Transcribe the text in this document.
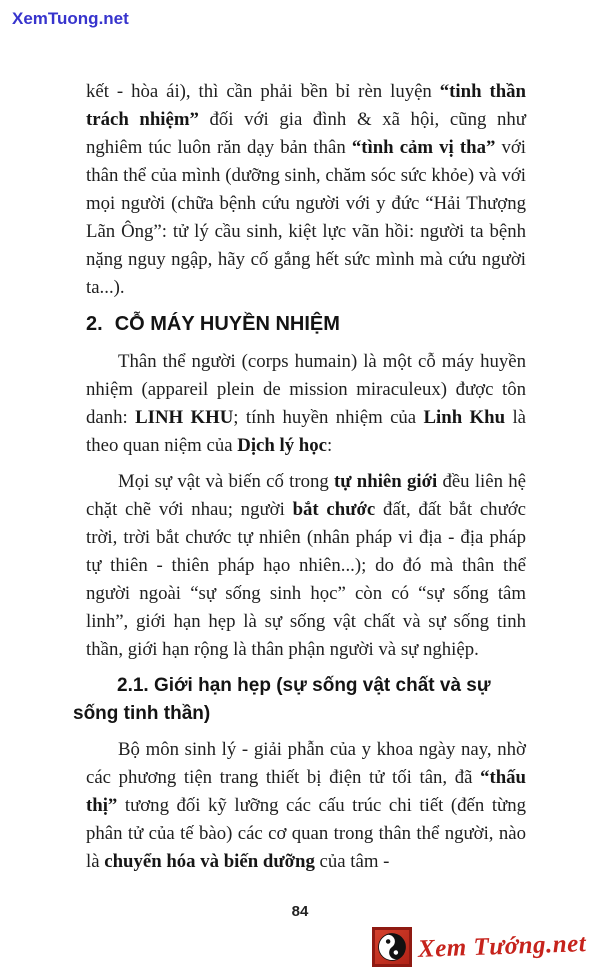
XemTuong.net

kết - hòa ái), thì cần phải bền bỉ rèn luyện “tinh thần trách nhiệm” đối với gia đình & xã hội, cũng như nghiêm túc luôn răn dạy bản thân “tình cảm vị tha” với thân thể của mình (dưỡng sinh, chăm sóc sức khỏe) và với mọi người (chữa bệnh cứu người với y đức “Hải Thượng Lãn Ông”: tử lý cầu sinh, kiệt lực vãn hồi: người ta bệnh nặng nguy ngập, hãy cố gắng hết sức mình mà cứu người ta...).

2. CỖ MÁY HUYỀN NHIỆM

Thân thể người (corps humain) là một cỗ máy huyền nhiệm (appareil plein de mission miraculeux) được tôn danh: LINH KHU; tính huyền nhiệm của Linh Khu là theo quan niệm của Dịch lý học:

Mọi sự vật và biến cố trong tự nhiên giới đều liên hệ chặt chẽ với nhau; người bắt chước đất, đất bắt chước trời, trời bắt chước tự nhiên (nhân pháp vi địa - địa pháp tự thiên - thiên pháp hạo nhiên...); do đó mà thân thể người ngoài “sự sống sinh học” còn có “sự sống tâm linh”, giới hạn hẹp là sự sống vật chất và sự sống tinh thần, giới hạn rộng là thân phận người và sự nghiệp.

2.1. Giới hạn hẹp (sự sống vật chất và sự sống tinh thần)

Bộ môn sinh lý - giải phẫn của y khoa ngày nay, nhờ các phương tiện trang thiết bị điện tử tối tân, đã “thấu thị” tương đối kỹ lưỡng các cấu trúc chi tiết (đến từng phân tử của tế bào) các cơ quan trong thân thể người, nào là chuyển hóa và biến dưỡng của tâm -

84
Xem Tướng.net
